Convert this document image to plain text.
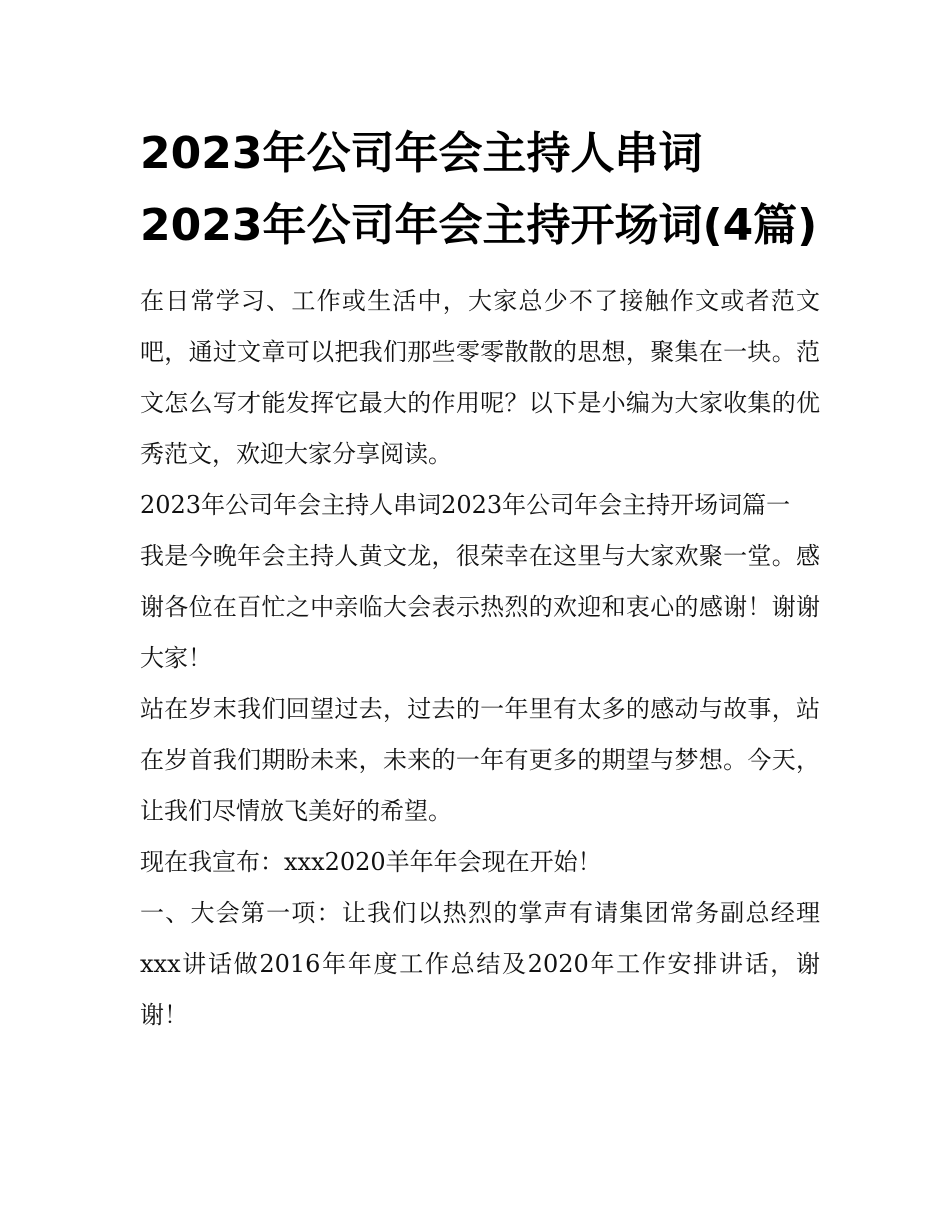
2023年公司年会主持人串词2023年公司年会主持开场词(4篇)

在日常学习、工作或生活中，大家总少不了接触作文或者范文吧，通过文章可以把我们那些零零散散的思想，聚集在一块。范文怎么写才能发挥它最大的作用呢？以下是小编为大家收集的优秀范文，欢迎大家分享阅读。

2023年公司年会主持人串词2023年公司年会主持开场词篇一

我是今晚年会主持人黄文龙，很荣幸在这里与大家欢聚一堂。感谢各位在百忙之中亲临大会表示热烈的欢迎和衷心的感谢！谢谢大家！

站在岁末我们回望过去，过去的一年里有太多的感动与故事，站在岁首我们期盼未来，未来的一年有更多的期望与梦想。今天，让我们尽情放飞美好的希望。

现在我宣布：xxx2020羊年年会现在开始！

一、大会第一项：让我们以热烈的掌声有请集团常务副总经理xxx讲话做2016年年度工作总结及2020年工作安排讲话，谢谢！
